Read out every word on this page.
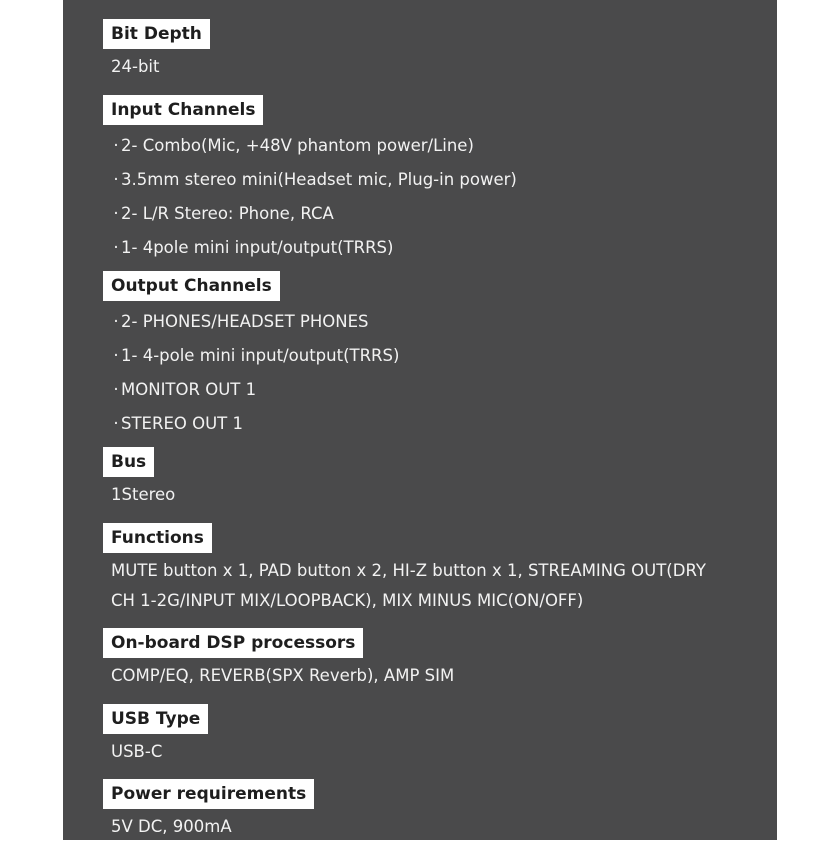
Bit Depth
24-bit
Input Channels
· 2- Combo(Mic, +48V phantom power/Line)
· 3.5mm stereo mini(Headset mic, Plug-in power)
· 2- L/R Stereo: Phone, RCA
· 1- 4pole mini input/output(TRRS)
Output Channels
· 2- PHONES/HEADSET PHONES
· 1- 4-pole mini input/output(TRRS)
· MONITOR OUT 1
· STEREO OUT 1
Bus
1Stereo
Functions
MUTE button x 1, PAD button x 2, HI-Z button x 1, STREAMING OUT(DRY CH 1-2G/INPUT MIX/LOOPBACK), MIX MINUS MIC(ON/OFF)
On-board DSP processors
COMP/EQ, REVERB(SPX Reverb), AMP SIM
USB Type
USB-C
Power requirements
5V DC, 900mA
